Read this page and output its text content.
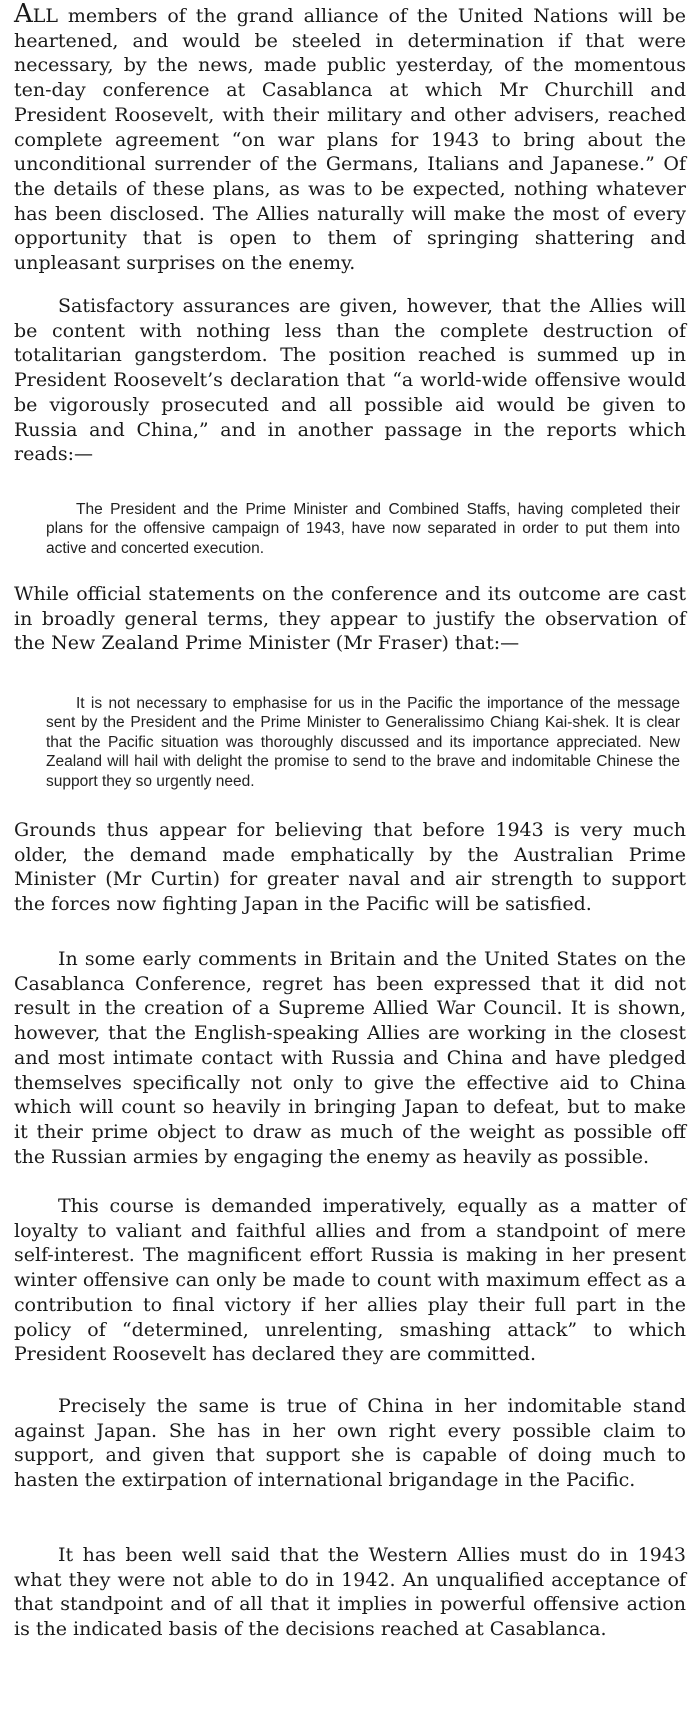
ALL members of the grand alliance of the United Nations will be heartened, and would be steeled in determination if that were necessary, by the news, made public yesterday, of the momentous ten-day conference at Casablanca at which Mr Churchill and President Roosevelt, with their military and other advisers, reached complete agreement “on war plans for 1943 to bring about the unconditional surrender of the Germans, Italians and Japanese.” Of the details of these plans, as was to be expected, nothing whatever has been disclosed. The Allies naturally will make the most of every opportunity that is open to them of springing shattering and unpleasant surprises on the enemy.

Satisfactory assurances are given, however, that the Allies will be content with nothing less than the complete destruction of totalitarian gangsterdom. The position reached is summed up in President Roosevelt’s declaration that “a world-wide offensive would be vigorously prosecuted and all possible aid would be given to Russia and China,” and in another passage in the reports which reads:—

The President and the Prime Minister and Combined Staffs, having completed their plans for the offensive campaign of 1943, have now separated in order to put them into active and concerted execution.

While official statements on the conference and its outcome are cast in broadly general terms, they appear to justify the observation of the New Zealand Prime Minister (Mr Fraser) that:—

It is not necessary to emphasise for us in the Pacific the importance of the message sent by the President and the Prime Minister to Generalissimo Chiang Kai-shek. It is clear that the Pacific situation was thoroughly discussed and its importance appreciated. New Zealand will hail with delight the promise to send to the brave and indomitable Chinese the support they so urgently need.

Grounds thus appear for believing that before 1943 is very much older, the demand made emphatically by the Australian Prime Minister (Mr Curtin) for greater naval and air strength to support the forces now fighting Japan in the Pacific will be satisfied.

In some early comments in Britain and the United States on the Casablanca Conference, regret has been expressed that it did not result in the creation of a Supreme Allied War Council. It is shown, however, that the English-speaking Allies are working in the closest and most intimate contact with Russia and China and have pledged themselves specifically not only to give the effective aid to China which will count so heavily in bringing Japan to defeat, but to make it their prime object to draw as much of the weight as possible off the Russian armies by engaging the enemy as heavily as possible.

This course is demanded imperatively, equally as a matter of loyalty to valiant and faithful allies and from a standpoint of mere self-interest. The magnificent effort Russia is making in her present winter offensive can only be made to count with maximum effect as a contribution to final victory if her allies play their full part in the policy of “determined, unrelenting, smashing attack” to which President Roosevelt has declared they are committed.

Precisely the same is true of China in her indomitable stand against Japan. She has in her own right every possible claim to support, and given that support she is capable of doing much to hasten the extirpation of international brigandage in the Pacific.

It has been well said that the Western Allies must do in 1943 what they were not able to do in 1942. An unqualified acceptance of that standpoint and of all that it implies in powerful offensive action is the indicated basis of the decisions reached at Casablanca.
